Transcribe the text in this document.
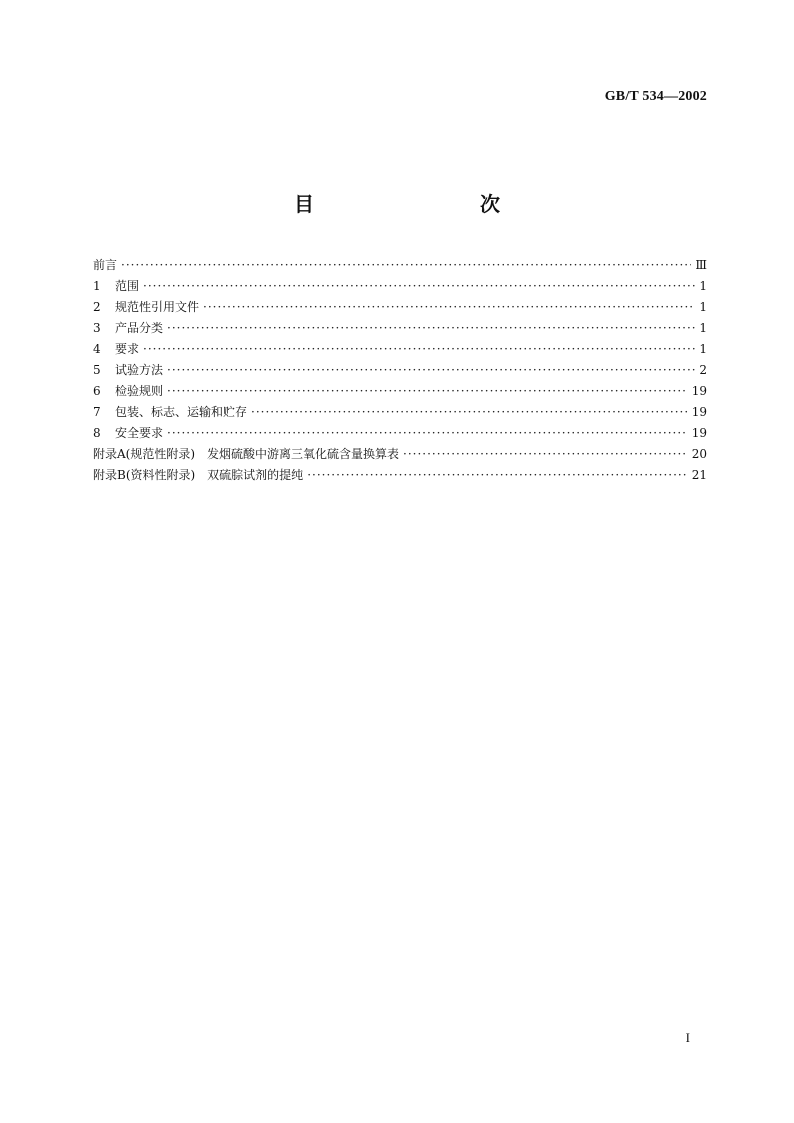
GB/T 534—2002
目　　次
前言 ·····	Ⅲ
1	范围 ·····	1
2	规范性引用文件 ·····	1
3	产品分类 ·····	1
4	要求 ·····	1
5	试验方法 ·····	2
6	检验规则 ·····	19
7	包装、标志、运输和贮存 ·····	19
8	安全要求 ·····	19
附录A(规范性附录)　发烟硫酸中游离三氧化硫含量换算表 ·····	20
附录B(资料性附录)　双硫腙试剂的提纯 ·····	21
I
